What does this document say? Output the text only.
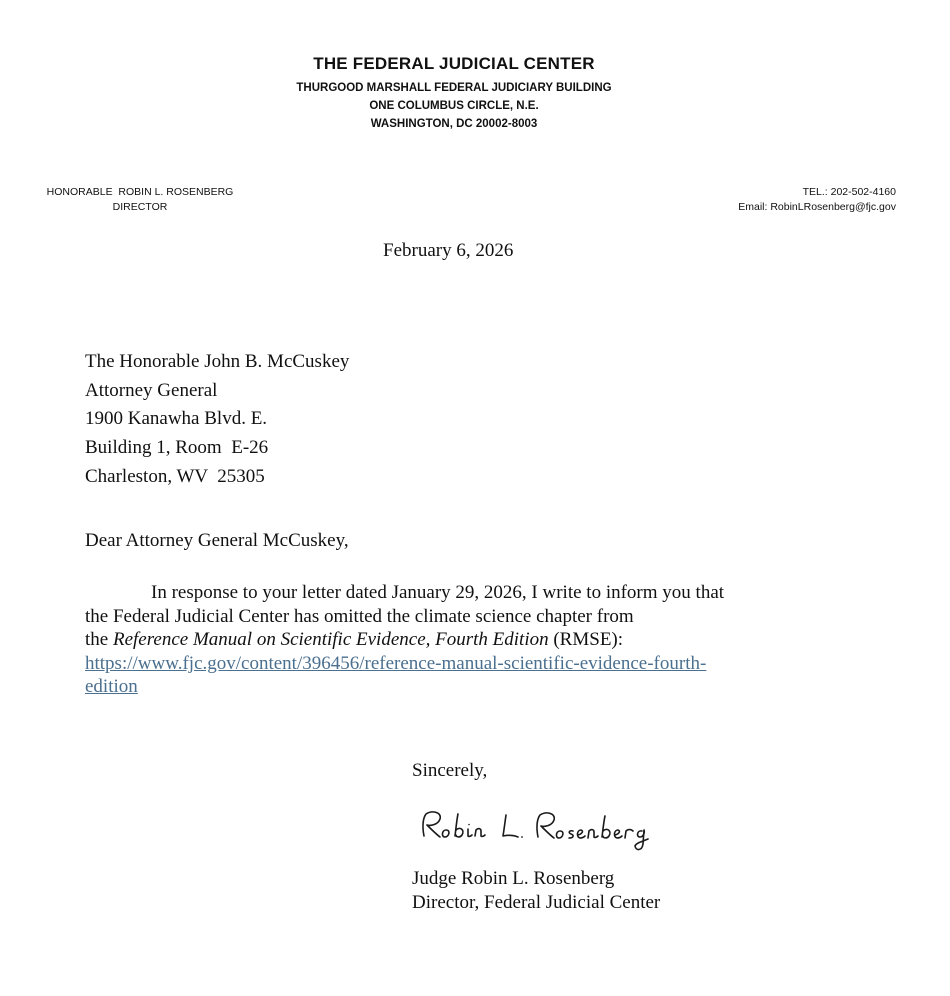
THE FEDERAL JUDICIAL CENTER
THURGOOD MARSHALL FEDERAL JUDICIARY BUILDING
ONE COLUMBUS CIRCLE, N.E.
WASHINGTON, DC 20002-8003
HONORABLE  ROBIN L. ROSENBERG
DIRECTOR
TEL.: 202-502-4160
Email: RobinLRosenberg@fjc.gov
February 6, 2026
The Honorable John B. McCuskey
Attorney General
1900 Kanawha Blvd. E.
Building 1, Room  E-26
Charleston, WV  25305
Dear Attorney General McCuskey,
In response to your letter dated January 29, 2026, I write to inform you that
the Federal Judicial Center has omitted the climate science chapter from
the Reference Manual on Scientific Evidence, Fourth Edition (RMSE):
https://www.fjc.gov/content/396456/reference-manual-scientific-evidence-fourth-
edition
Sincerely,
Judge Robin L. Rosenberg
Director, Federal Judicial Center
